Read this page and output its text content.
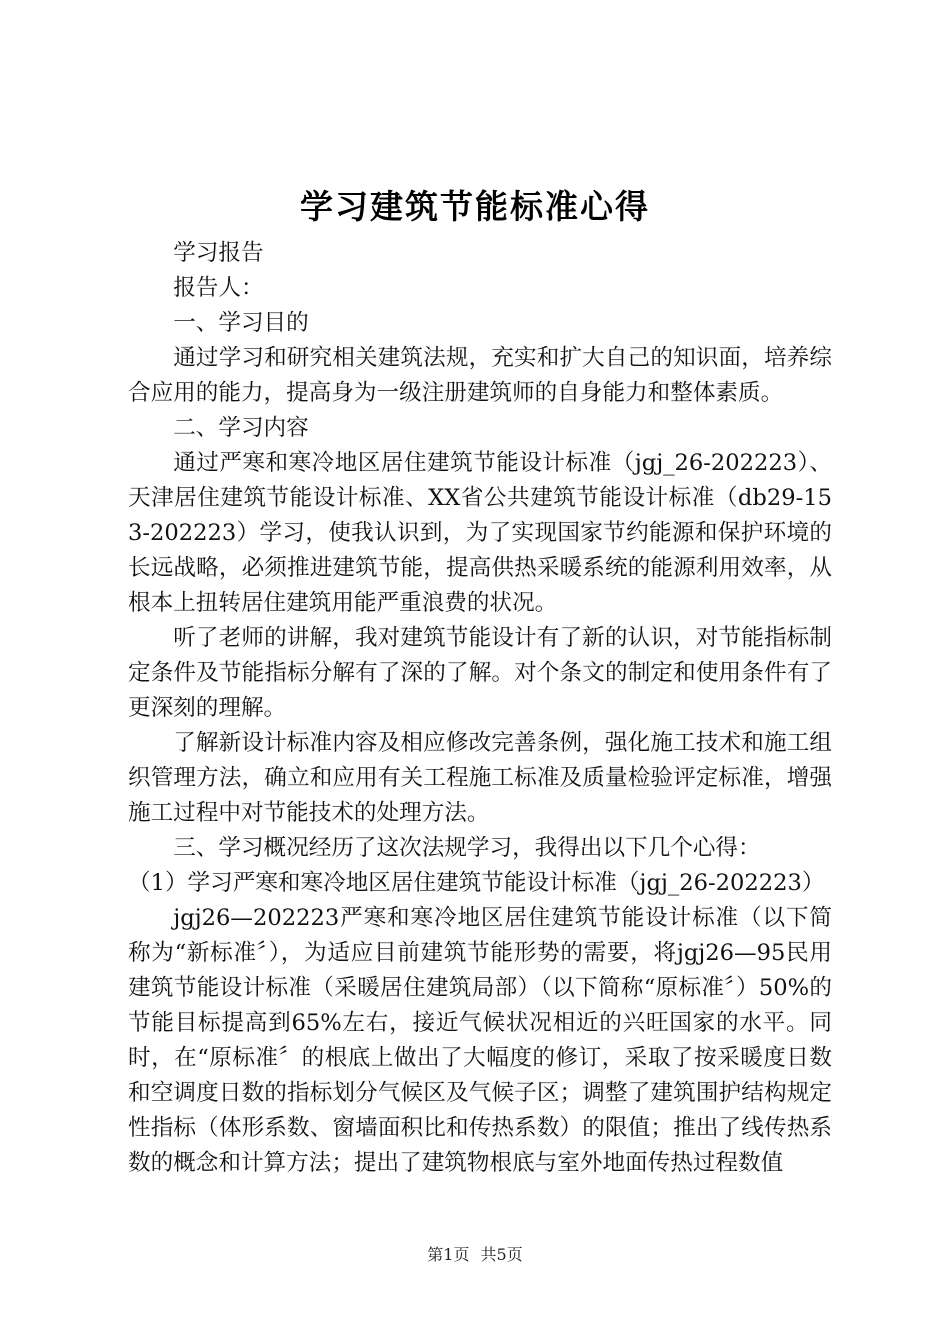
学习建筑节能标准心得

学习报告

报告人：

一、学习目的

通过学习和研究相关建筑法规，充实和扩大自己的知识面，培养综合应用的能力，提高身为一级注册建筑师的自身能力和整体素质。

二、学习内容

通过严寒和寒冷地区居住建筑节能设计标准（jgj_26-202223）、天津居住建筑节能设计标准、XX省公共建筑节能设计标准（db29-153-202223）学习，使我认识到，为了实现国家节约能源和保护环境的长远战略，必须推进建筑节能，提高供热采暖系统的能源利用效率，从根本上扭转居住建筑用能严重浪费的状况。

听了老师的讲解，我对建筑节能设计有了新的认识，对节能指标制定条件及节能指标分解有了深的了解。对个条文的制定和使用条件有了更深刻的理解。

了解新设计标准内容及相应修改完善条例，强化施工技术和施工组织管理方法，确立和应用有关工程施工标准及质量检验评定标准，增强施工过程中对节能技术的处理方法。

三、学习概况经历了这次法规学习，我得出以下几个心得：

（1）学习严寒和寒冷地区居住建筑节能设计标准（jgj_26-202223）

jgj26—202223严寒和寒冷地区居住建筑节能设计标准（以下简称为“新标准〞），为适应目前建筑节能形势的需要，将jgj26—95民用建筑节能设计标准（采暖居住建筑局部）（以下简称“原标准〞）50%的节能目标提高到65%左右，接近气候状况相近的兴旺国家的水平。同时，在“原标准〞的根底上做出了大幅度的修订，采取了按采暖度日数和空调度日数的指标划分气候区及气候子区；调整了建筑围护结构规定性指标（体形系数、窗墙面积比和传热系数）的限值；推出了线传热系数的概念和计算方法；提出了建筑物根底与室外地面传热过程数值

第1页 共5页
